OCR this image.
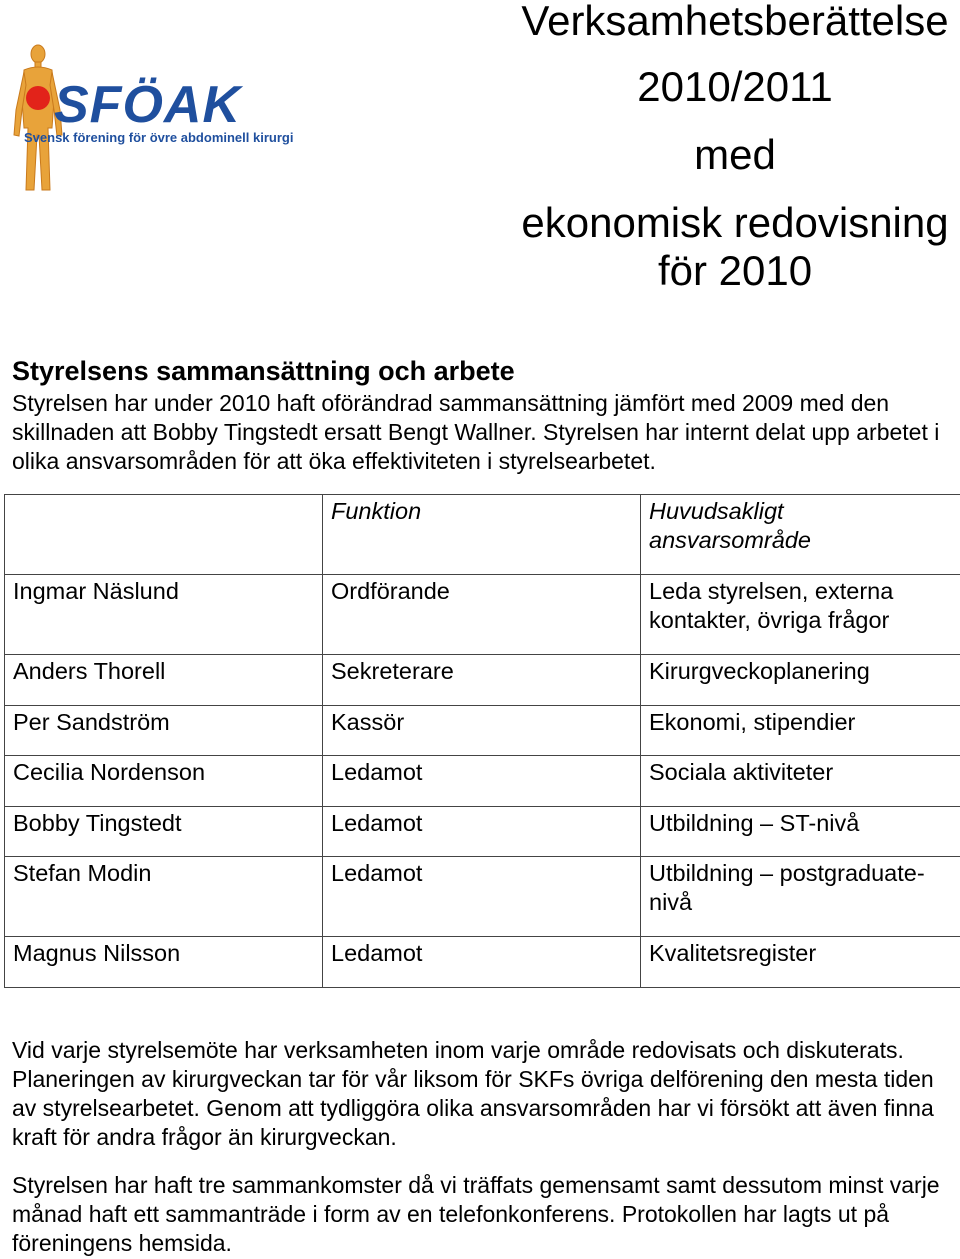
SFÖAK
Svensk förening för övre abdominell kirurgi
Verksamhetsberättelse
2010/2011
med
ekonomisk redovisning
för 2010
Styrelsens sammansättning och arbete
Styrelsen har under 2010 haft oförändrad sammansättning jämfört med 2009 med den skillnaden att Bobby Tingstedt ersatt Bengt Wallner. Styrelsen har internt delat upp arbetet i olika ansvarsområden för att öka effektiviteten i styrelsearbetet.
	Funktion	Huvudsakligt ansvarsområde
Ingmar Näslund	Ordförande	Leda styrelsen, externa kontakter, övriga frågor
Anders Thorell	Sekreterare	Kirurgveckoplanering
Per Sandström	Kassör	Ekonomi, stipendier
Cecilia Nordenson	Ledamot	Sociala aktiviteter
Bobby Tingstedt	Ledamot	Utbildning – ST-nivå
Stefan Modin	Ledamot	Utbildning – postgraduate-nivå
Magnus Nilsson	Ledamot	Kvalitetsregister
Vid varje styrelsemöte har verksamheten inom varje område redovisats och diskuterats. Planeringen av kirurgveckan tar för vår liksom för SKFs övriga delförening den mesta tiden av styrelsearbetet. Genom att tydliggöra olika ansvarsområden har vi försökt att även finna kraft för andra frågor än kirurgveckan.
Styrelsen har haft tre sammankomster då vi träffats gemensamt samt dessutom minst varje månad haft ett sammanträde i form av en telefonkonferens. Protokollen har lagts ut på föreningens hemsida.
